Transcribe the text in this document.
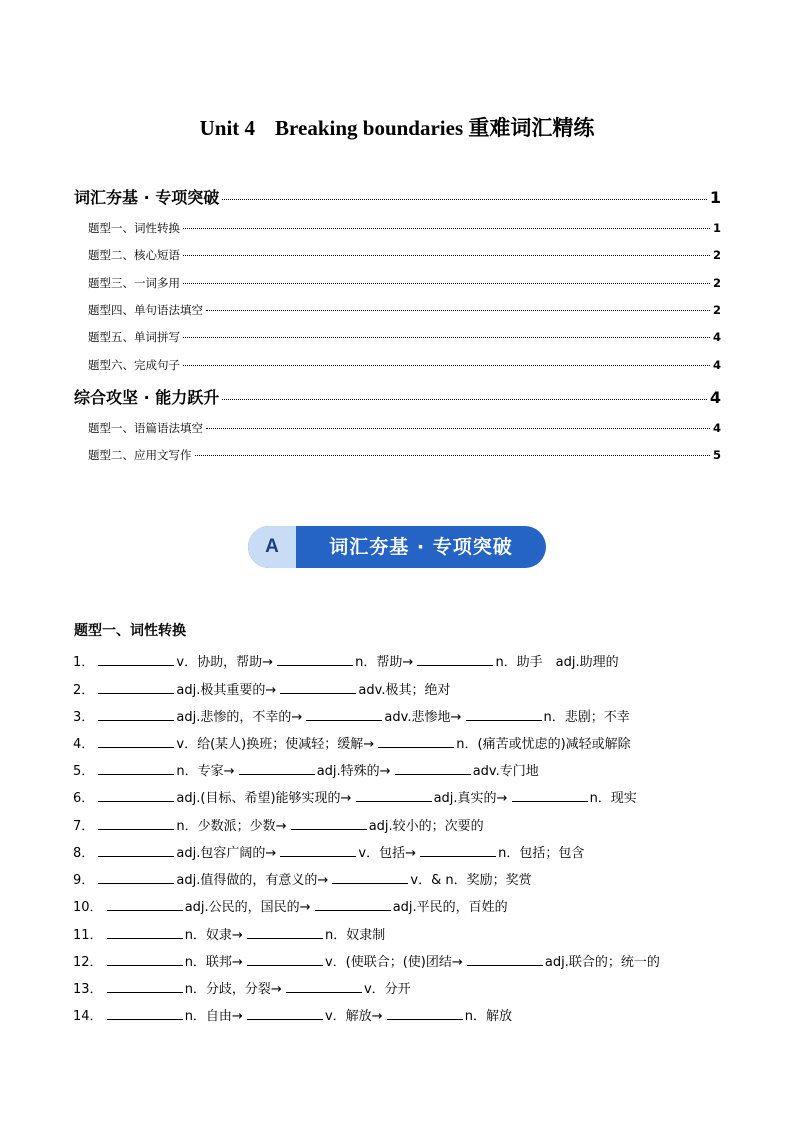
Unit 4 Breaking boundaries 重难词汇精练
词汇夯基 · 专项突破	1
题型一、词性转换	1
题型二、核心短语	2
题型三、一词多用	2
题型四、单句语法填空	2
题型五、单词拼写	4
题型六、完成句子	4
综合攻坚 · 能力跃升	4
题型一、语篇语法填空	4
题型二、应用文写作	5
A	词汇夯基 · 专项突破
题型一、词性转换
1．	v．协助，帮助→	n．帮助→	n．助手　adj.助理的
2．	adj.极其重要的→	adv.极其；绝对
3．	adj.悲惨的，不幸的→	adv.悲惨地→	n．悲剧；不幸
4．	v．给(某人)换班；使减轻；缓解→	n．(痛苦或忧虑的)减轻或解除
5．	n．专家→	adj.特殊的→	adv.专门地
6．	adj.(目标、希望)能够实现的→	adj.真实的→	n．现实
7．	n．少数派；少数→	adj.较小的；次要的
8．	adj.包容广阔的→	v．包括→	n．包括；包含
9．	adj.值得做的，有意义的→	v．& n．奖励；奖赏
10．	adj.公民的，国民的→	adj.平民的，百姓的
11．	n．奴隶→	n．奴隶制
12．	n．联邦→	v．(使联合；(使)团结→	adj.联合的；统一的
13．	n．分歧，分裂→	v．分开
14．	n．自由→	v．解放→	n．解放
